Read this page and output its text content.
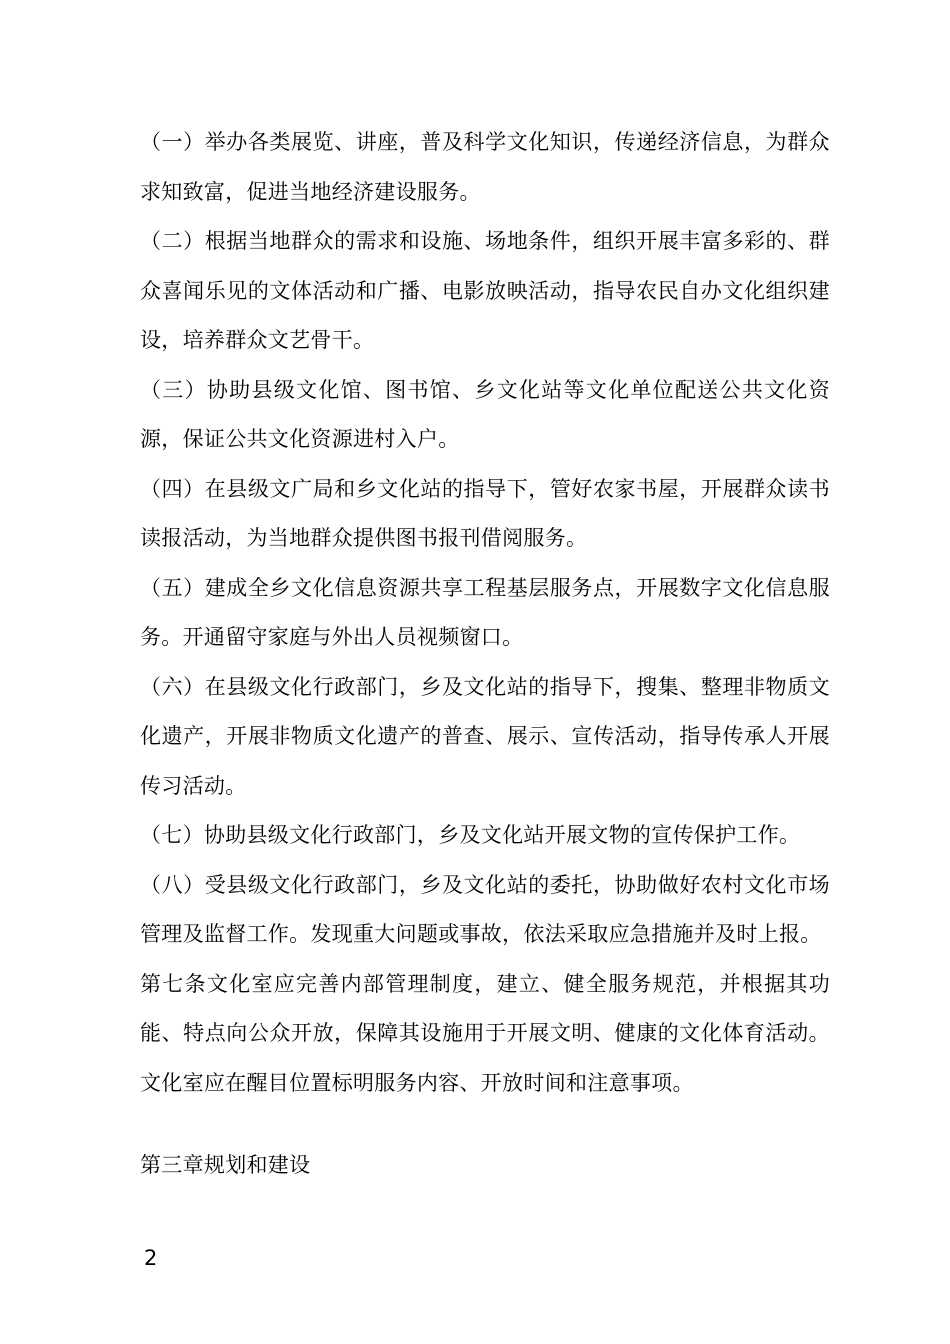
（一）举办各类展览、讲座，普及科学文化知识，传递经济信息，为群众求知致富，促进当地经济建设服务。

（二）根据当地群众的需求和设施、场地条件，组织开展丰富多彩的、群众喜闻乐见的文体活动和广播、电影放映活动，指导农民自办文化组织建设，培养群众文艺骨干。

（三）协助县级文化馆、图书馆、乡文化站等文化单位配送公共文化资源，保证公共文化资源进村入户。

（四）在县级文广局和乡文化站的指导下，管好农家书屋，开展群众读书读报活动，为当地群众提供图书报刊借阅服务。

（五）建成全乡文化信息资源共享工程基层服务点，开展数字文化信息服务。开通留守家庭与外出人员视频窗口。

（六）在县级文化行政部门，乡及文化站的指导下，搜集、整理非物质文化遗产，开展非物质文化遗产的普查、展示、宣传活动，指导传承人开展传习活动。

（七）协助县级文化行政部门，乡及文化站开展文物的宣传保护工作。

（八）受县级文化行政部门，乡及文化站的委托，协助做好农村文化市场管理及监督工作。发现重大问题或事故，依法采取应急措施并及时上报。

第七条文化室应完善内部管理制度，建立、健全服务规范，并根据其功能、特点向公众开放，保障其设施用于开展文明、健康的文化体育活动。文化室应在醒目位置标明服务内容、开放时间和注意事项。

第三章规划和建设
2
